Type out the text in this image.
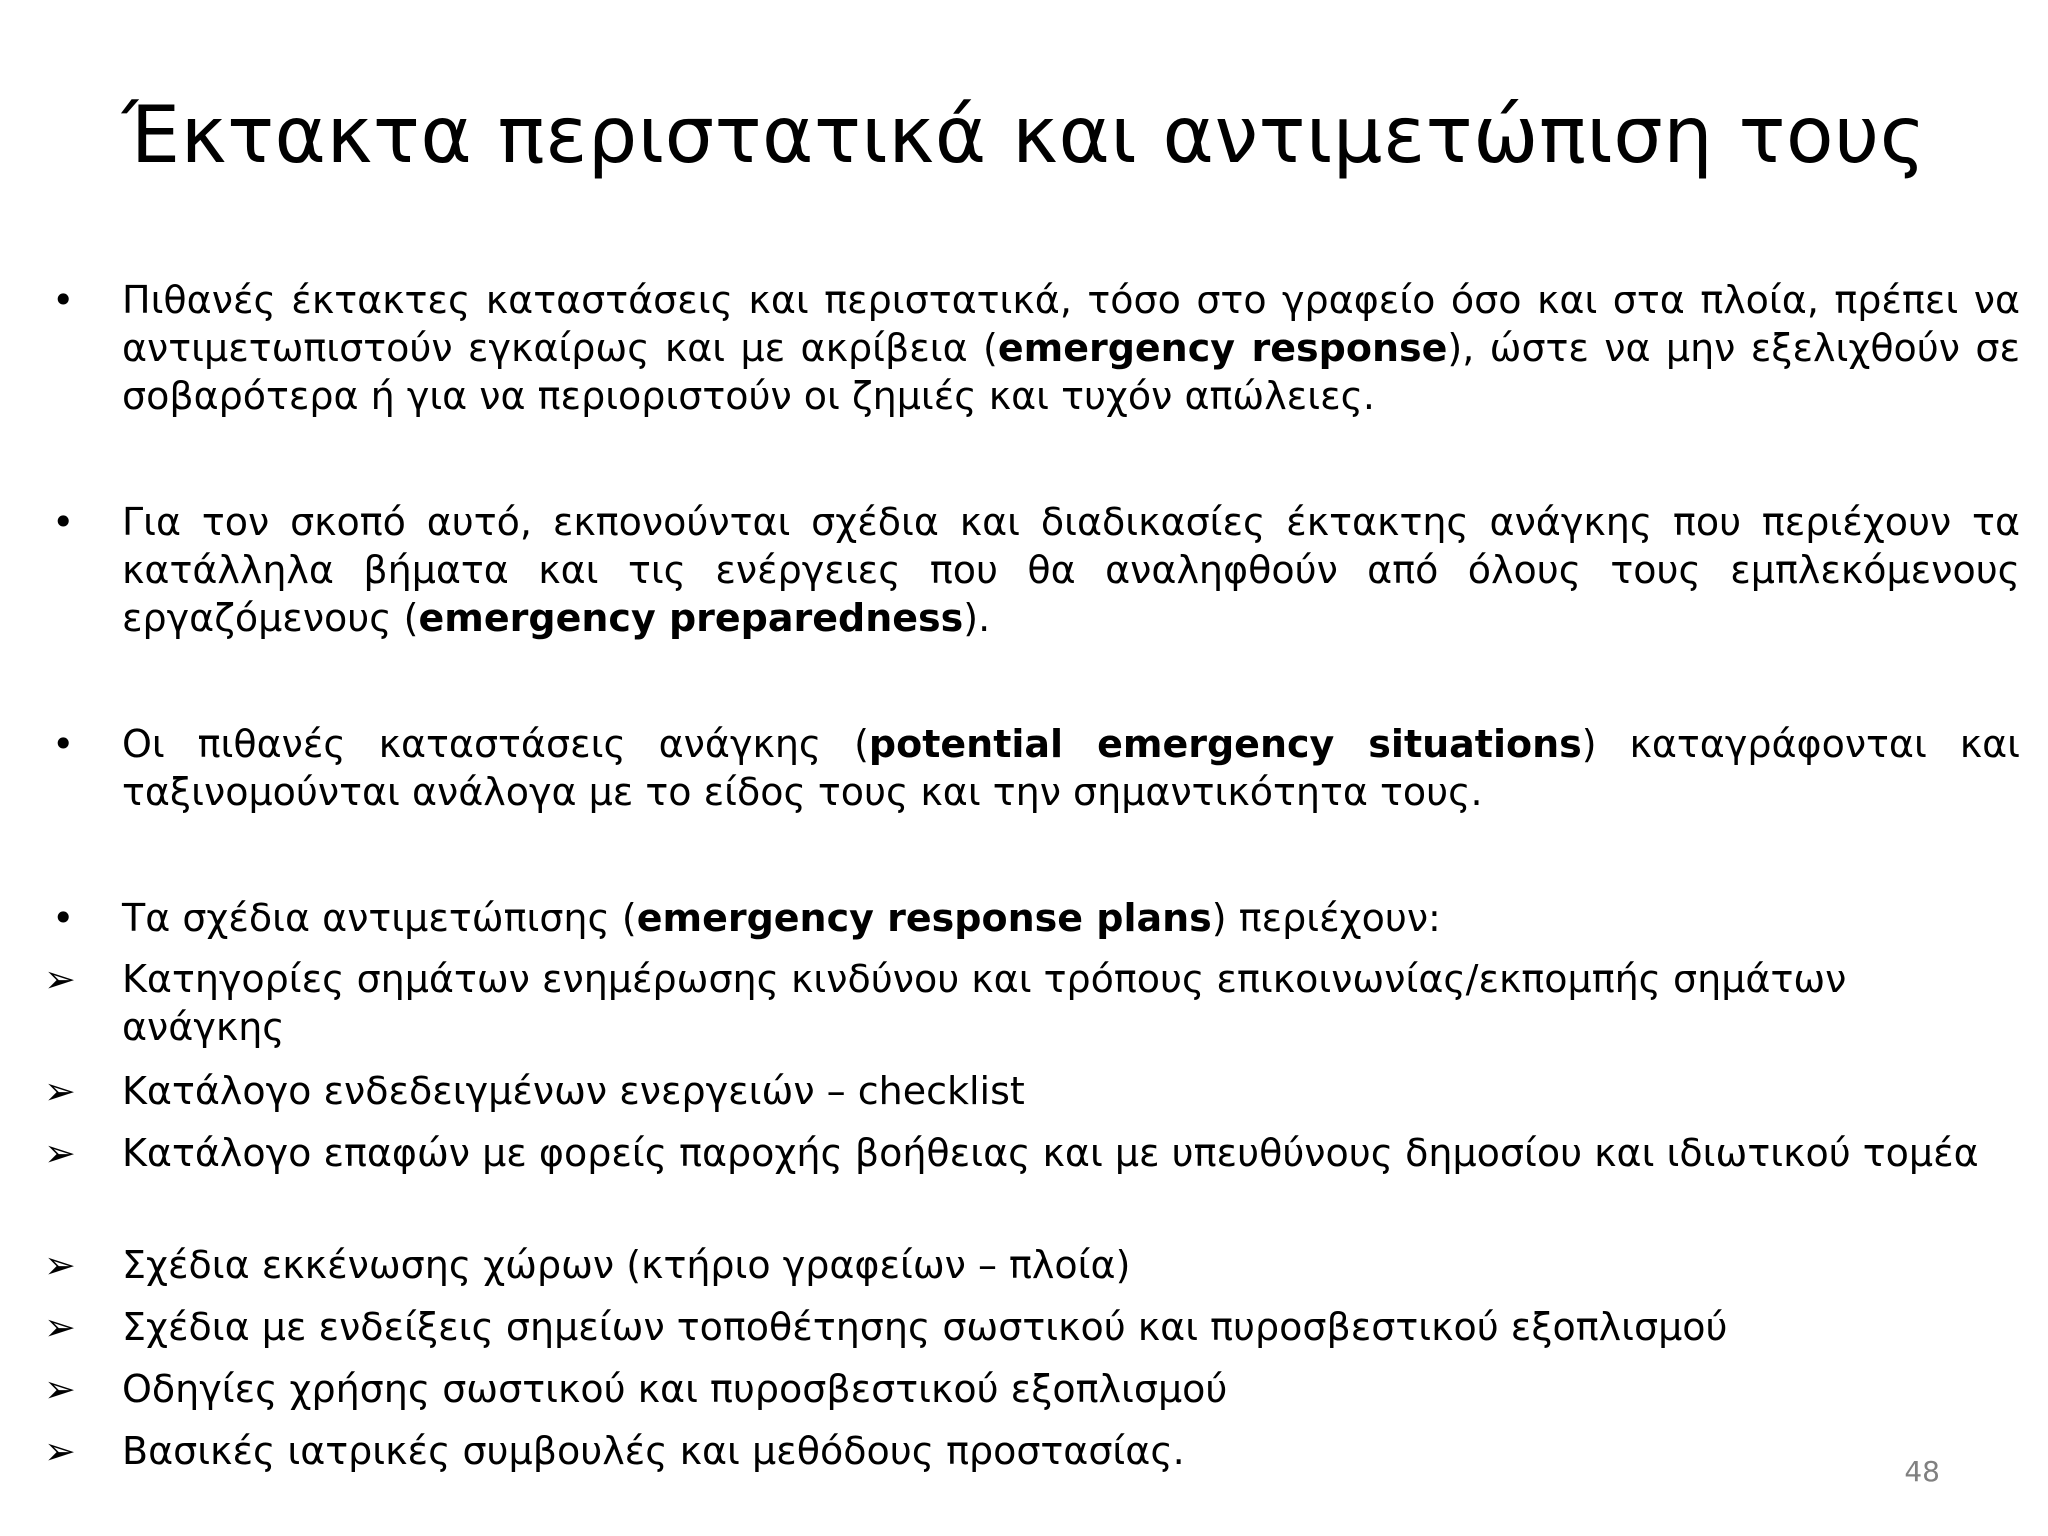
Έκτακτα περιστατικά και αντιμετώπιση τους
•	Πιθανές έκτακτες καταστάσεις και περιστατικά, τόσο στο γραφείο όσο και στα πλοία, πρέπει να αντιμετωπιστούν εγκαίρως και με ακρίβεια (emergency response), ώστε να μην εξελιχθούν σε σοβαρότερα ή για να περιοριστούν οι ζημιές και τυχόν απώλειες.
•	Για τον σκοπό αυτό, εκπονούνται σχέδια και διαδικασίες έκτακτης ανάγκης που περιέχουν τα κατάλληλα βήματα και τις ενέργειες που θα αναληφθούν από όλους τους εμπλεκόμενους εργαζόμενους (emergency preparedness).
•	Οι πιθανές καταστάσεις ανάγκης (potential emergency situations) καταγράφονται και ταξινομούνται ανάλογα με το είδος τους και την σημαντικότητα τους.
•	Τα σχέδια αντιμετώπισης (emergency response plans) περιέχουν:
➢	Κατηγορίες σημάτων ενημέρωσης κινδύνου και τρόπους επικοινωνίας/εκπομπής σημάτων ανάγκης
➢	Κατάλογο ενδεδειγμένων ενεργειών – checklist
➢	Κατάλογο επαφών με φορείς παροχής βοήθειας και με υπευθύνους δημοσίου και ιδιωτικού τομέα
➢	Σχέδια εκκένωσης χώρων (κτήριο γραφείων – πλοία)
➢	Σχέδια με ενδείξεις σημείων τοποθέτησης σωστικού και πυροσβεστικού εξοπλισμού
➢	Οδηγίες χρήσης σωστικού και πυροσβεστικού εξοπλισμού
➢	Βασικές ιατρικές συμβουλές και μεθόδους προστασίας.	48
